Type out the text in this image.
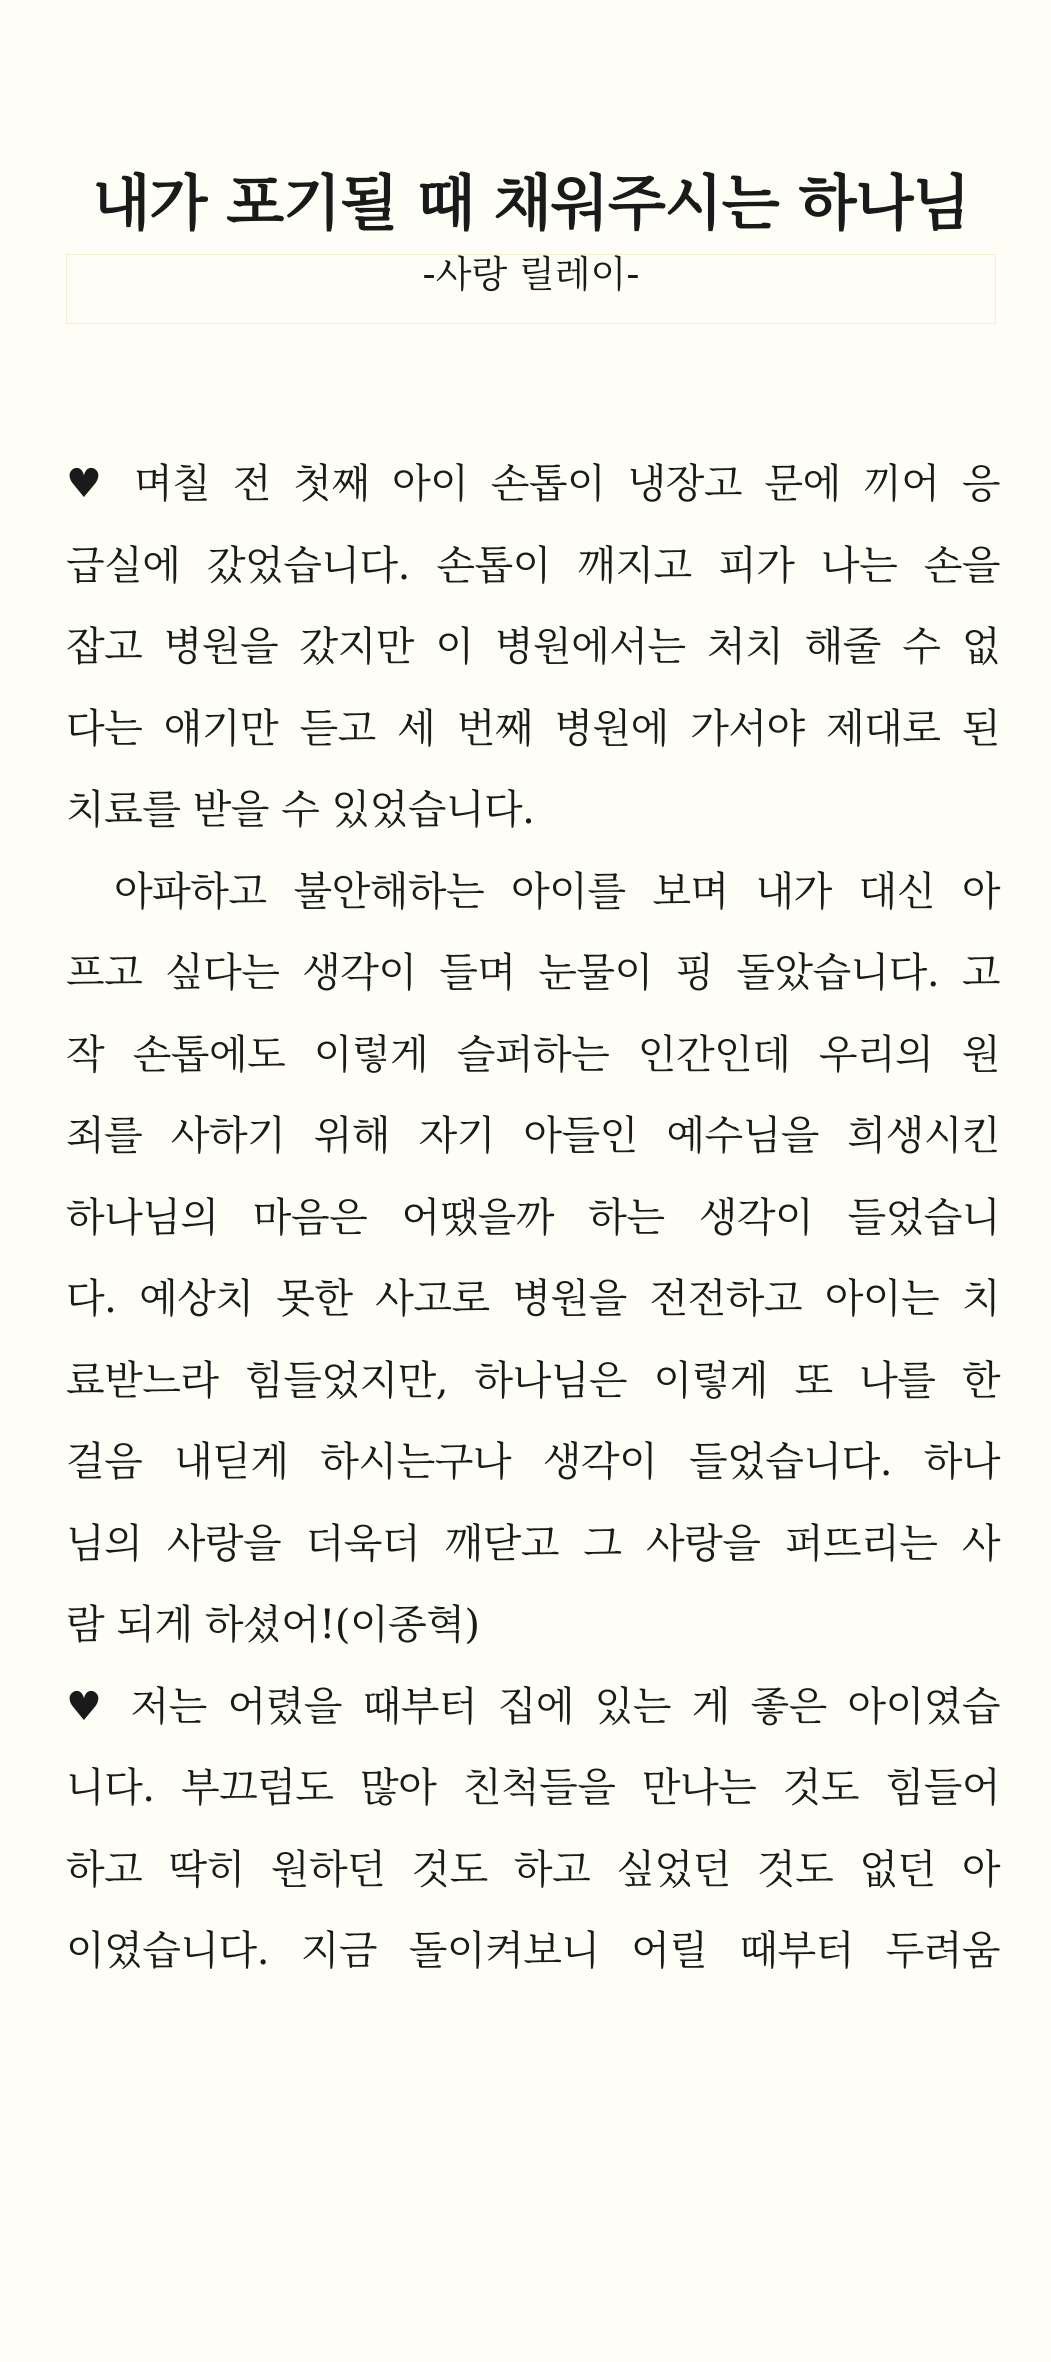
내가 포기될 때 채워주시는 하나님
-사랑 릴레이-
♥ 며칠 전 첫째 아이 손톱이 냉장고 문에 끼어 응
급실에 갔었습니다. 손톱이 깨지고 피가 나는 손을
잡고 병원을 갔지만 이 병원에서는 처치 해줄 수 없
다는 얘기만 듣고 세 번째 병원에 가서야 제대로 된
치료를 받을 수 있었습니다.
아파하고 불안해하는 아이를 보며 내가 대신 아
프고 싶다는 생각이 들며 눈물이 핑 돌았습니다. 고
작 손톱에도 이렇게 슬퍼하는 인간인데 우리의 원
죄를 사하기 위해 자기 아들인 예수님을 희생시킨
하나님의 마음은 어땠을까 하는 생각이 들었습니
다. 예상치 못한 사고로 병원을 전전하고 아이는 치
료받느라 힘들었지만, 하나님은 이렇게 또 나를 한
걸음 내딛게 하시는구나 생각이 들었습니다. 하나
님의 사랑을 더욱더 깨닫고 그 사랑을 퍼뜨리는 사
람 되게 하셨어!(이종혁)
♥ 저는 어렸을 때부터 집에 있는 게 좋은 아이였습
니다. 부끄럼도 많아 친척들을 만나는 것도 힘들어
하고 딱히 원하던 것도 하고 싶었던 것도 없던 아
이였습니다. 지금 돌이켜보니 어릴 때부터 두려움
